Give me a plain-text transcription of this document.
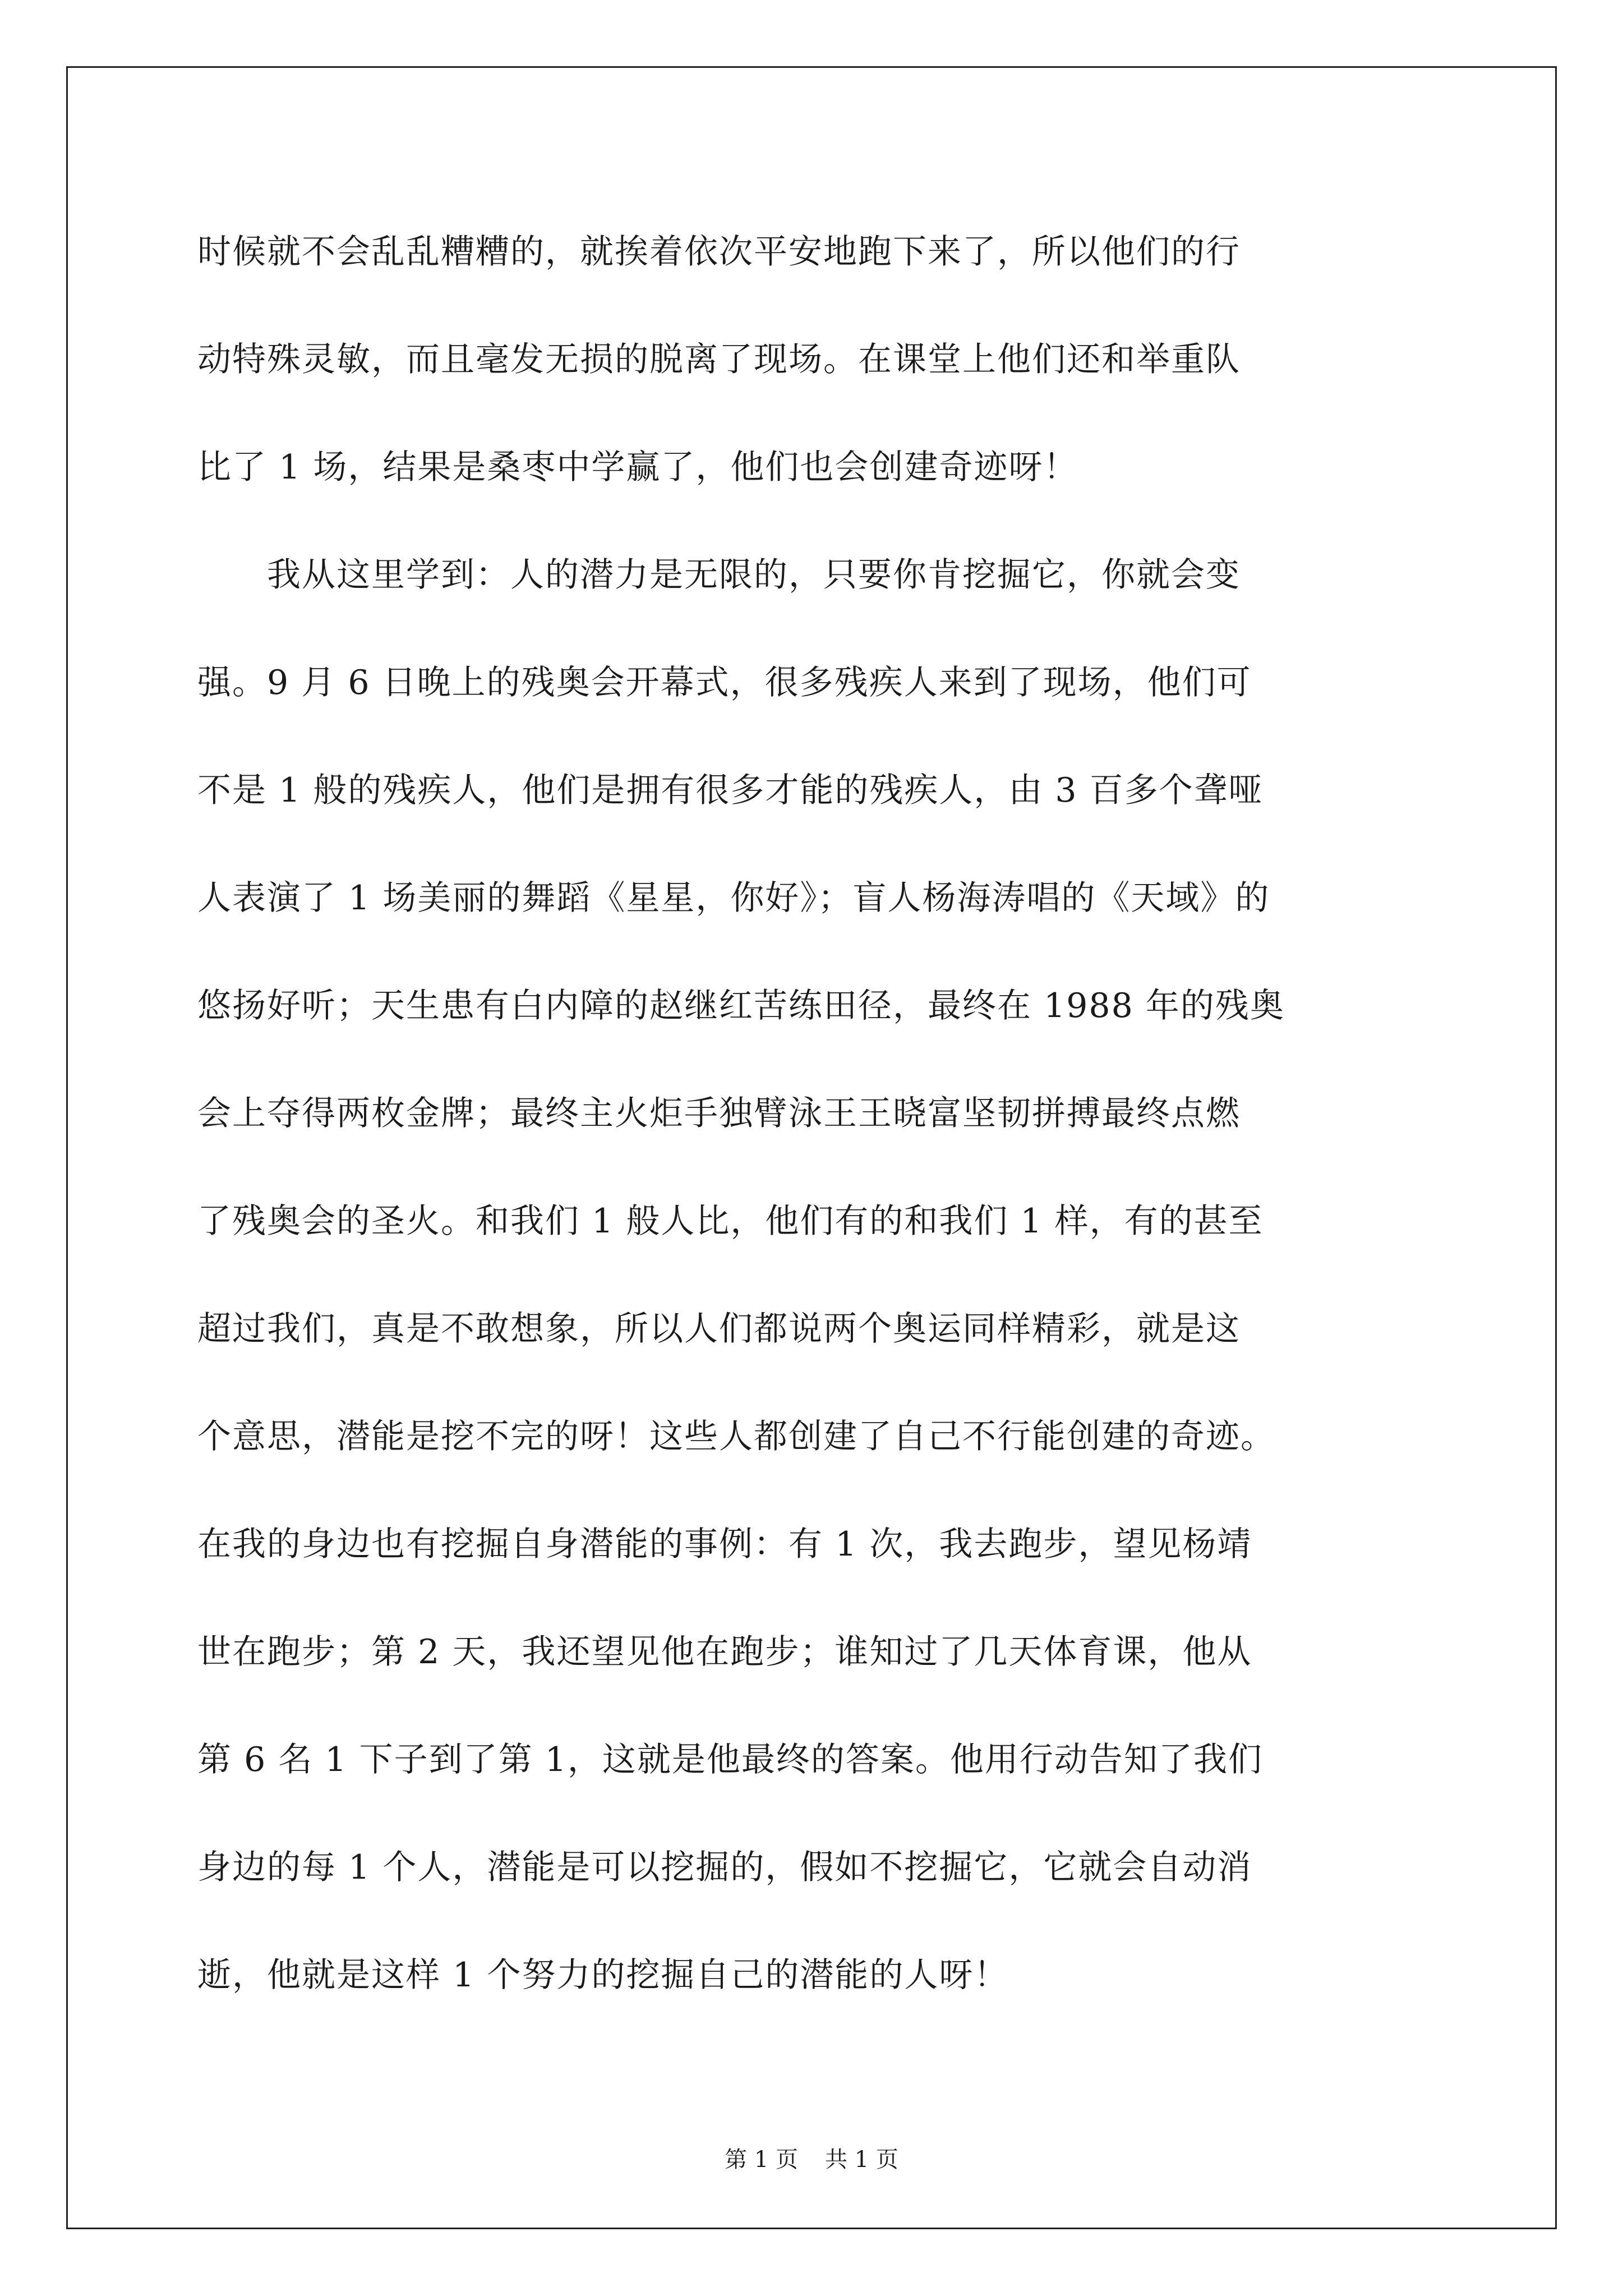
时候就不会乱乱糟糟的，就挨着依次平安地跑下来了，所以他们的行
动特殊灵敏，而且毫发无损的脱离了现场。在课堂上他们还和举重队
比了 1 场，结果是桑枣中学赢了，他们也会创建奇迹呀！
　　我从这里学到：人的潜力是无限的，只要你肯挖掘它，你就会变
强。9 月 6 日晚上的残奥会开幕式，很多残疾人来到了现场，他们可
不是 1 般的残疾人，他们是拥有很多才能的残疾人，由 3 百多个聋哑
人表演了 1 场美丽的舞蹈《星星，你好》；盲人杨海涛唱的《天域》的
悠扬好听；天生患有白内障的赵继红苦练田径，最终在 1988 年的残奥
会上夺得两枚金牌；最终主火炬手独臂泳王王晓富坚韧拼搏最终点燃
了残奥会的圣火。和我们 1 般人比，他们有的和我们 1 样，有的甚至
超过我们，真是不敢想象，所以人们都说两个奥运同样精彩，就是这
个意思，潜能是挖不完的呀！这些人都创建了自己不行能创建的奇迹。
在我的身边也有挖掘自身潜能的事例：有 1 次，我去跑步，望见杨靖
世在跑步；第 2 天，我还望见他在跑步；谁知过了几天体育课，他从
第 6 名 1 下子到了第 1，这就是他最终的答案。他用行动告知了我们
身边的每 1 个人，潜能是可以挖掘的，假如不挖掘它，它就会自动消
逝，他就是这样 1 个努力的挖掘自己的潜能的人呀！
第 1 页 共 1 页
